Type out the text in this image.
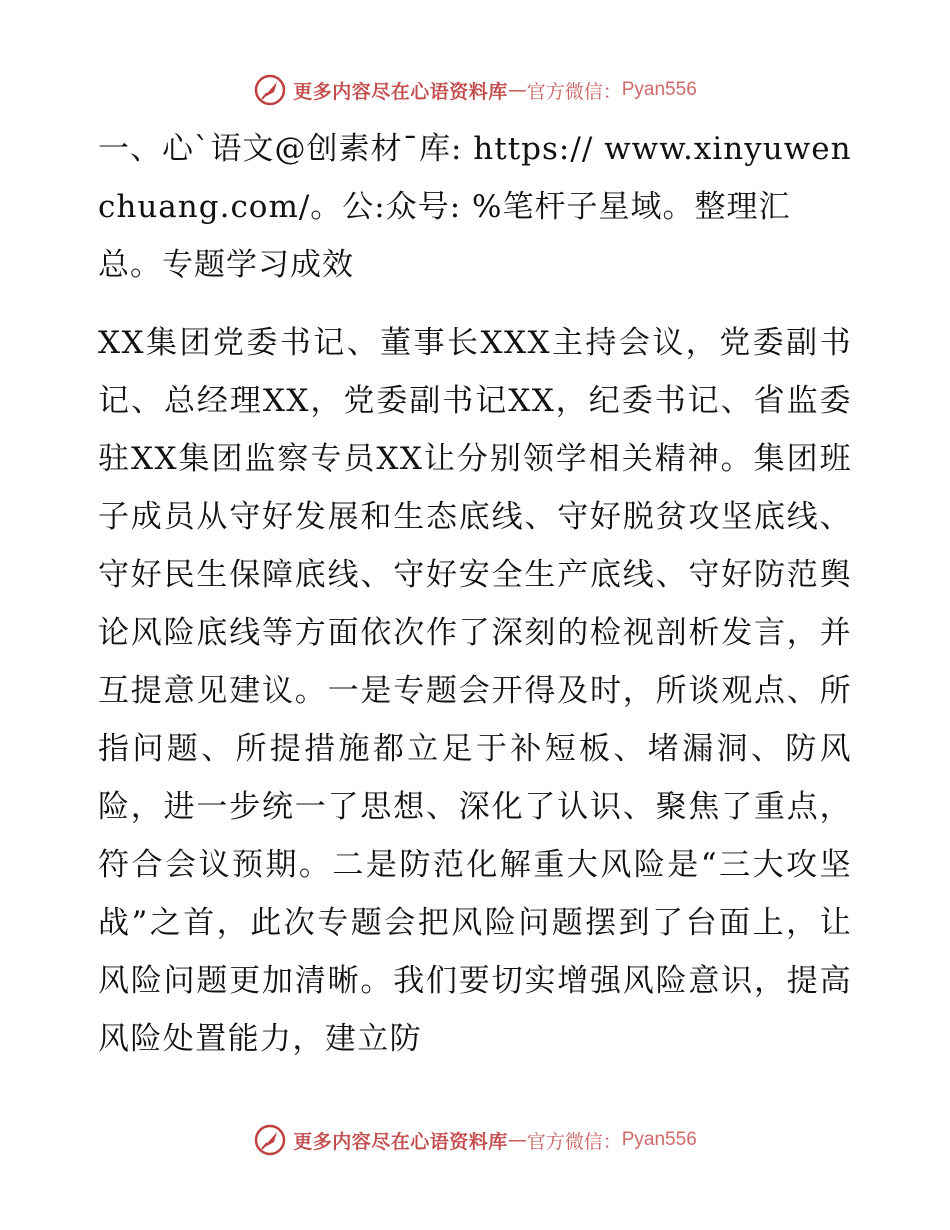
更多内容尽在心语资料库 — 官方微信： Pyan556

一、心`语文@创素材¯库: https:// www.xinyuwenchuang.com/。公:众号: %笔杆子星域。整理汇总。专题学习成效

XX集团党委书记、董事长XXX主持会议，党委副书记、总经理XX，党委副书记XX，纪委书记、省监委驻XX集团监察专员XX让分别领学相关精神。集团班子成员从守好发展和生态底线、守好脱贫攻坚底线、守好民生保障底线、守好安全生产底线、守好防范舆论风险底线等方面依次作了深刻的检视剖析发言，并互提意见建议。一是专题会开得及时，所谈观点、所指问题、所提措施都立足于补短板、堵漏洞、防风险，进一步统一了思想、深化了认识、聚焦了重点，符合会议预期。二是防范化解重大风险是“三大攻坚战”之首，此次专题会把风险问题摆到了台面上，让风险问题更加清晰。我们要切实增强风险意识，提高风险处置能力，建立防

更多内容尽在心语资料库 — 官方微信： Pyan556
